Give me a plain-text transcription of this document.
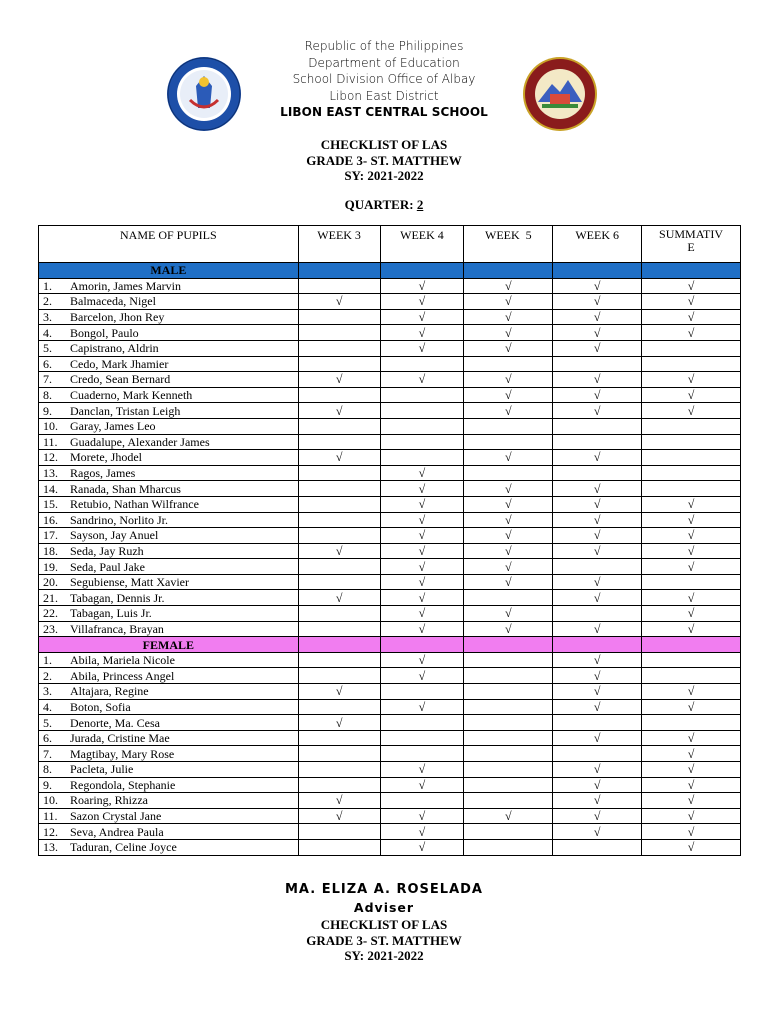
Republic of the Philippines
Department of Education
School Division Office of Albay
Libon East District
LIBON EAST CENTRAL SCHOOL
CHECKLIST OF LAS
GRADE 3- ST. MATTHEW
SY: 2021-2022
QUARTER: 2
NAME OF PUPILS	WEEK 3	WEEK 4	WEEK  5	WEEK 6	SUMMATIV
E
MALE					
1. Amorin, James Marvin		√	√	√	√
2. Balmaceda, Nigel	√	√	√	√	√
3. Barcelon, Jhon Rey		√	√	√	√
4. Bongol, Paulo		√	√	√	√
5. Capistrano, Aldrin		√	√	√	
6. Cedo, Mark Jhamier					
7. Credo, Sean Bernard	√	√	√	√	√
8. Cuaderno, Mark Kenneth			√	√	√
9. Danclan, Tristan Leigh	√		√	√	√
10. Garay, James Leo					
11. Guadalupe, Alexander James					
12. Morete, Jhodel	√		√	√	
13. Ragos, James		√			
14. Ranada, Shan Mharcus		√	√	√	
15. Retubio, Nathan Wilfrance		√	√	√	√
16. Sandrino, Norlito Jr.		√	√	√	√
17. Sayson, Jay Anuel		√	√	√	√
18. Seda, Jay Ruzh	√	√	√	√	√
19. Seda, Paul Jake		√	√		√
20. Segubiense, Matt Xavier		√	√	√	
21. Tabagan, Dennis Jr.	√	√		√	√
22. Tabagan, Luis Jr.		√	√		√
23. Villafranca, Brayan		√	√	√	√
FEMALE					
1. Abila, Mariela Nicole		√		√	
2. Abila, Princess Angel		√		√	
3. Altajara, Regine	√			√	√
4. Boton, Sofia		√		√	√
5. Denorte, Ma. Cesa	√				
6. Jurada, Cristine Mae				√	√
7. Magtibay, Mary Rose					√
8. Pacleta, Julie		√		√	√
9. Regondola, Stephanie		√		√	√
10. Roaring, Rhizza	√			√	√
11. Sazon Crystal Jane	√	√	√	√	√
12. Seva, Andrea Paula		√		√	√
13. Taduran, Celine Joyce		√			√
MA. ELIZA A. ROSELADA
Adviser
CHECKLIST OF LAS
GRADE 3- ST. MATTHEW
SY: 2021-2022
